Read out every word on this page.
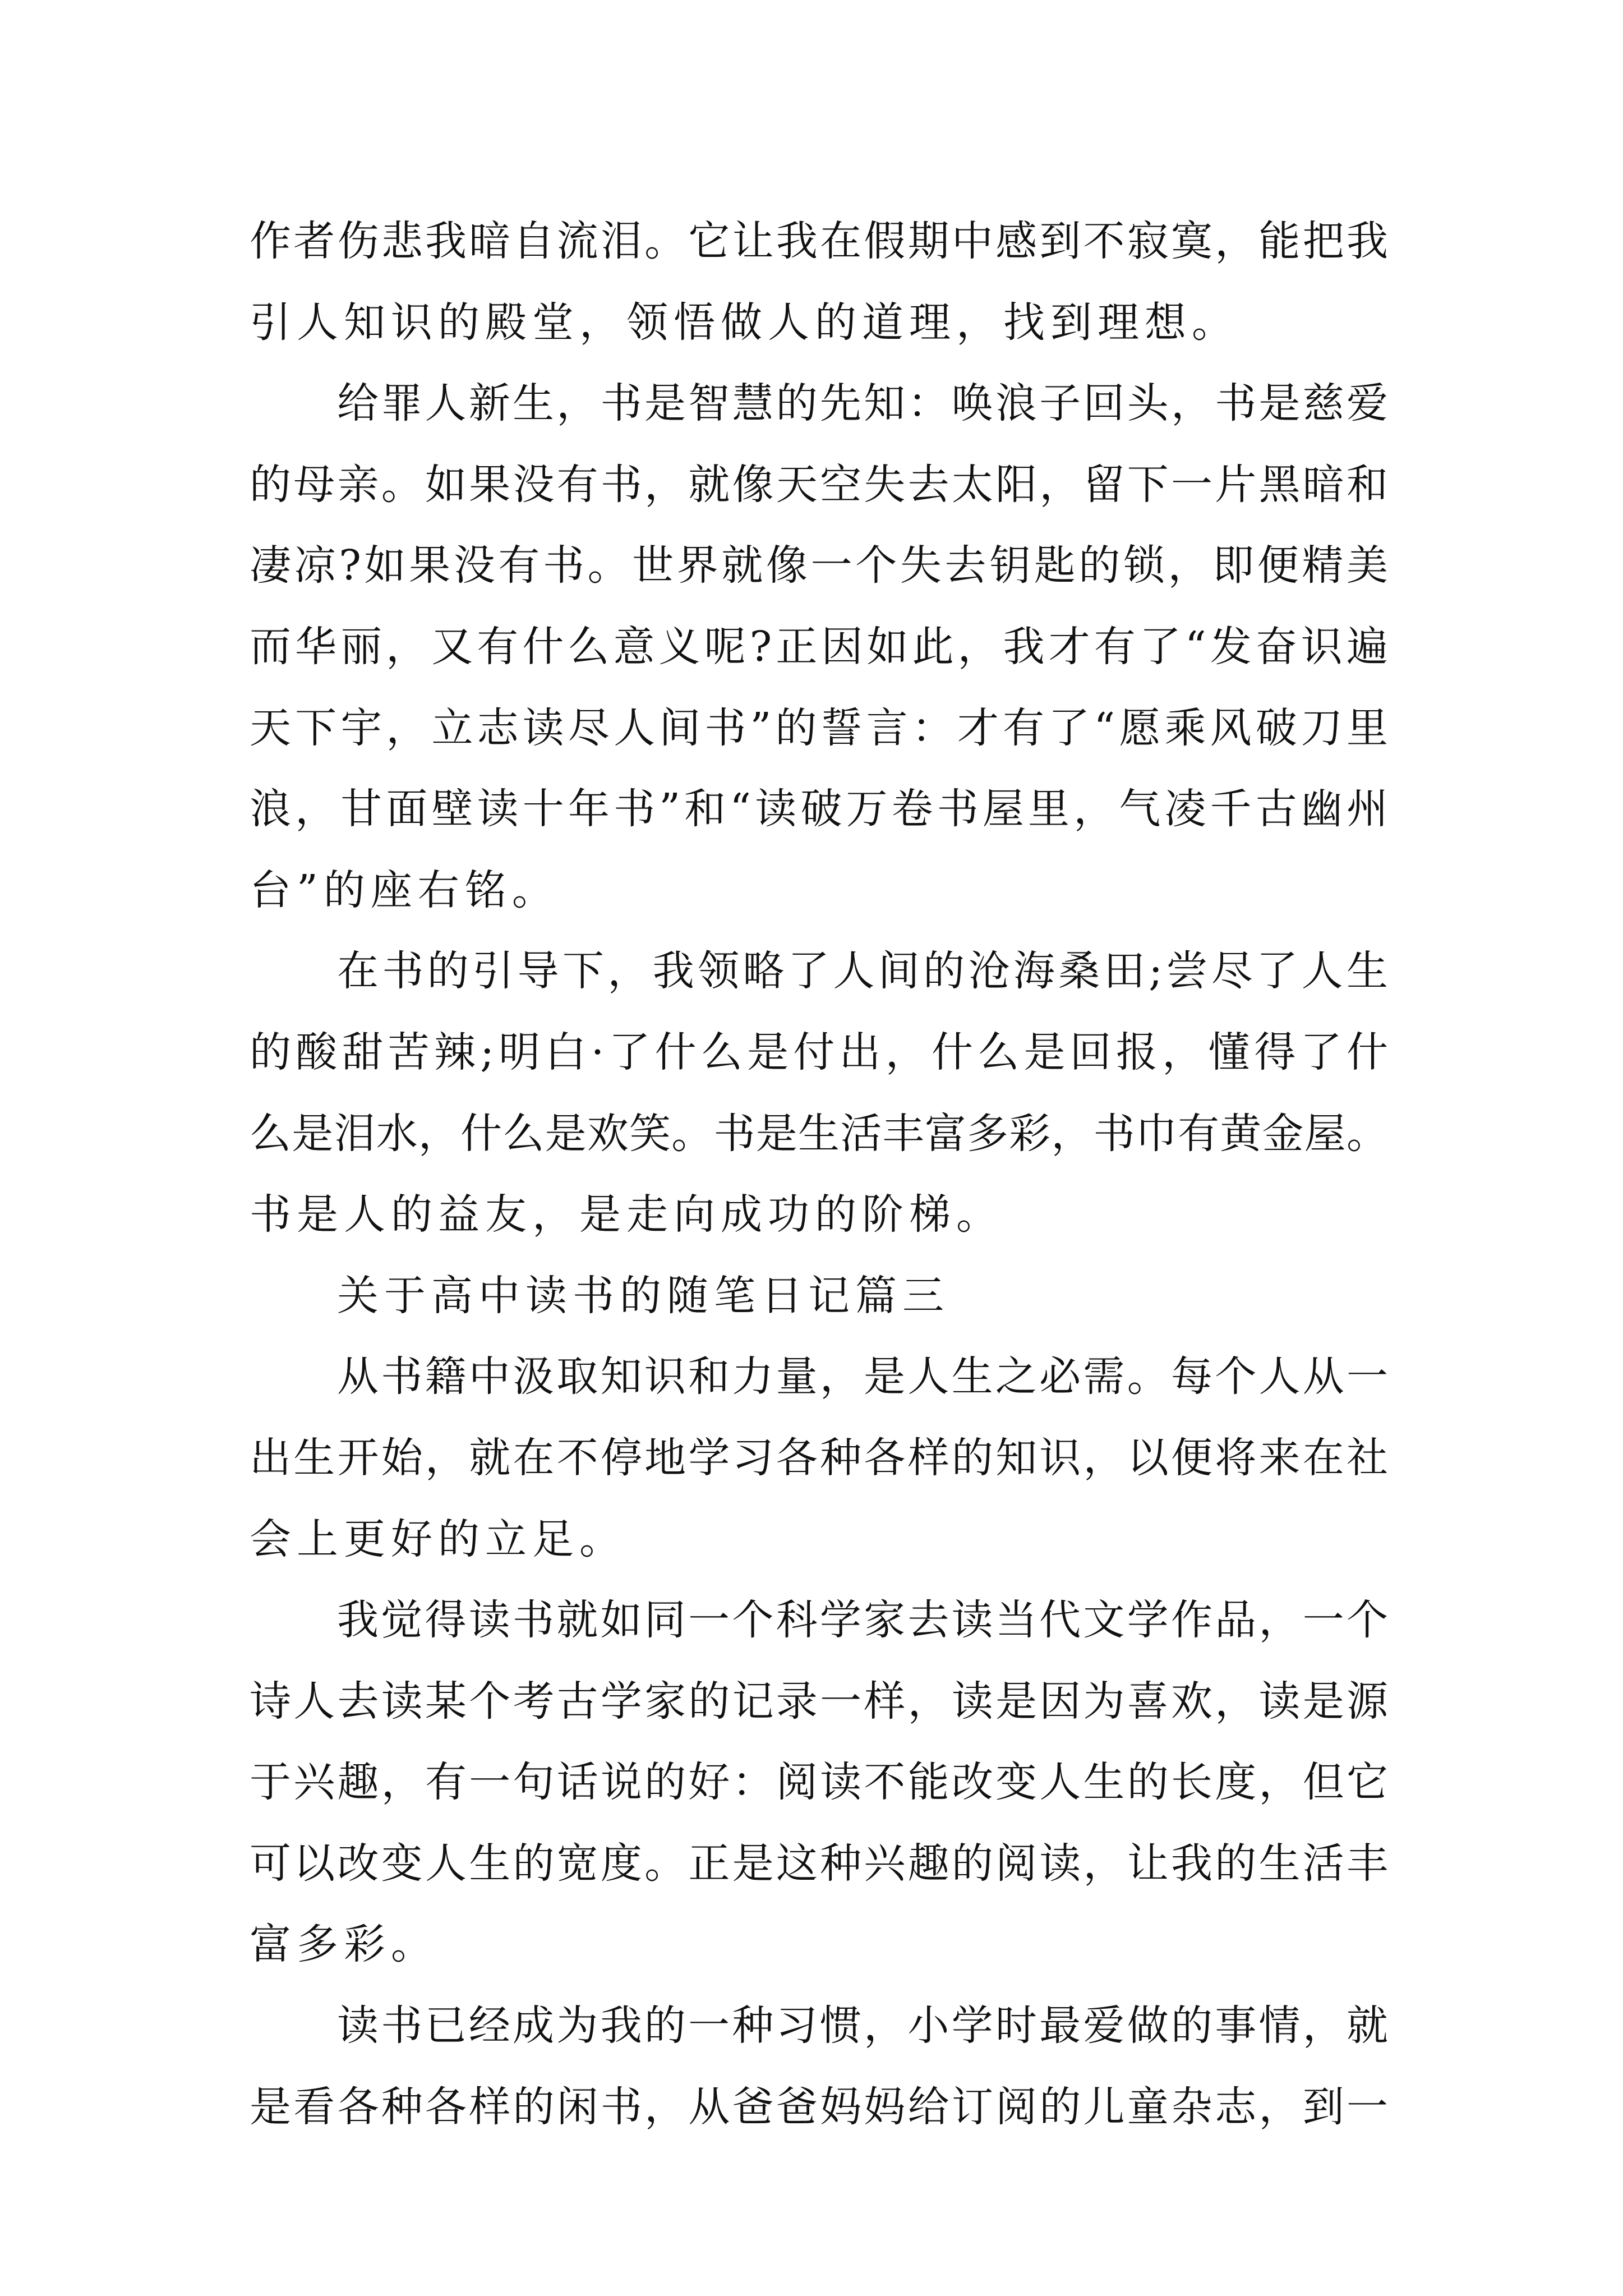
作者伤悲我暗自流泪。它让我在假期中感到不寂寞，能把我
引人知识的殿堂，领悟做人的道理，找到理想。
给罪人新生，书是智慧的先知：唤浪子回头，书是慈爱
的母亲。如果没有书，就像天空失去太阳，留下一片黑暗和
凄凉?如果没有书。世界就像一个失去钥匙的锁，即便精美
而华丽，又有什么意义呢?正因如此，我才有了“发奋识遍
天下宇，立志读尽人间书”的誓言：才有了“愿乘风破刀里
浪，甘面壁读十年书”和“读破万卷书屋里，气凌千古幽州
台”的座右铭。
在书的引导下，我领略了人间的沧海桑田;尝尽了人生
的酸甜苦辣;明白·了什么是付出，什么是回报，懂得了什
么是泪水，什么是欢笑。书是生活丰富多彩，书巾有黄金屋。
书是人的益友，是走向成功的阶梯。
关于高中读书的随笔日记篇三
从书籍中汲取知识和力量，是人生之必需。每个人从一
出生开始，就在不停地学习各种各样的知识，以便将来在社
会上更好的立足。
我觉得读书就如同一个科学家去读当代文学作品，一个
诗人去读某个考古学家的记录一样，读是因为喜欢，读是源
于兴趣，有一句话说的好：阅读不能改变人生的长度，但它
可以改变人生的宽度。正是这种兴趣的阅读，让我的生活丰
富多彩。
读书已经成为我的一种习惯，小学时最爱做的事情，就
是看各种各样的闲书，从爸爸妈妈给订阅的儿童杂志，到一
